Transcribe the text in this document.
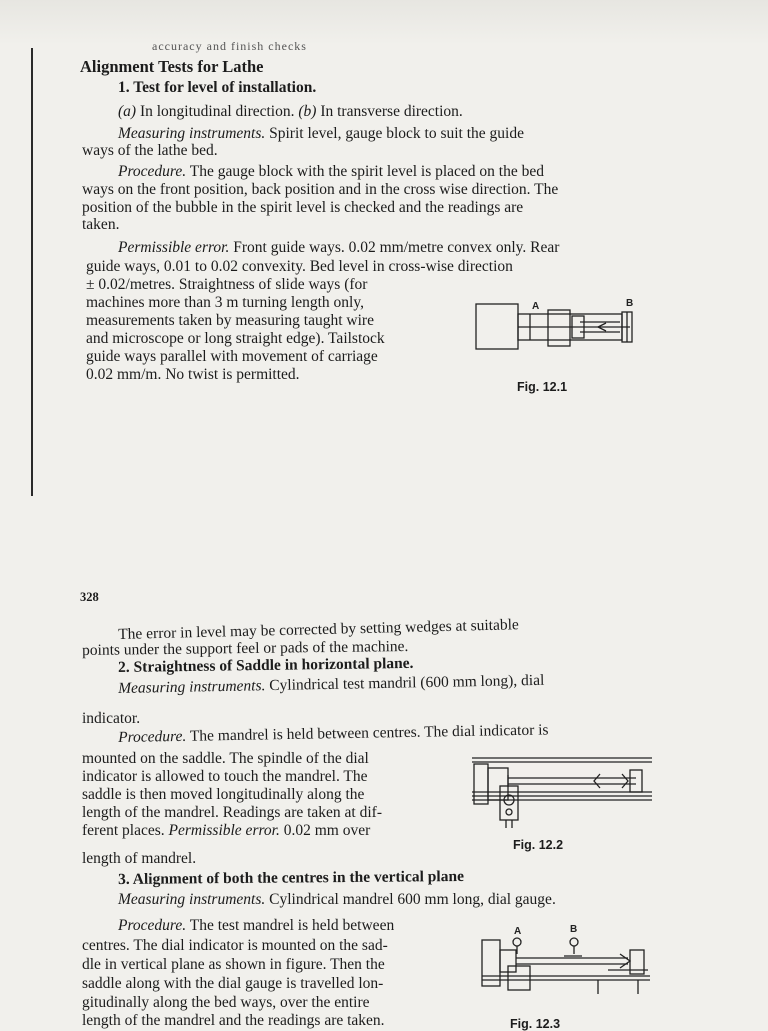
accuracy and finish checks
Alignment Tests for Lathe
1. Test for level of installation.
(a) In longitudinal direction. (b) In transverse direction.
Measuring instruments. Spirit level, gauge block to suit the guide
ways of the lathe bed.
Procedure. The gauge block with the spirit level is placed on the bed
ways on the front position, back position and in the cross wise direction. The
position of the bubble in the spirit level is checked and the readings are
taken.
Permissible error. Front guide ways. 0.02 mm/metre convex only. Rear
guide ways, 0.01 to 0.02 convexity. Bed level in cross-wise direction
± 0.02/metres. Straightness of slide ways (for
machines more than 3 m turning length only,
measurements taken by measuring taught wire
and microscope or long straight edge). Tailstock
guide ways parallel with movement of carriage
0.02 mm/m. No twist is permitted.
A	B
Fig. 12.1
328
The error in level may be corrected by setting wedges at suitable
points under the support feel or pads of the machine.
2. Straightness of Saddle in horizontal plane.
Measuring instruments. Cylindrical test mandril (600 mm long), dial
indicator.
Procedure. The mandrel is held between centres. The dial indicator is
mounted on the saddle. The spindle of the dial
indicator is allowed to touch the mandrel. The
saddle is then moved longitudinally along the
length of the mandrel. Readings are taken at dif-
ferent places. Permissible error. 0.02 mm over
length of mandrel.
Fig. 12.2
3. Alignment of both the centres in the vertical plane
Measuring instruments. Cylindrical mandrel 600 mm long, dial gauge.
Procedure. The test mandrel is held between
centres. The dial indicator is mounted on the sad-
dle in vertical plane as shown in figure. Then the
saddle along with the dial gauge is travelled lon-
gitudinally along the bed ways, over the entire
length of the mandrel and the readings are taken.
A	B
Fig. 12.3
